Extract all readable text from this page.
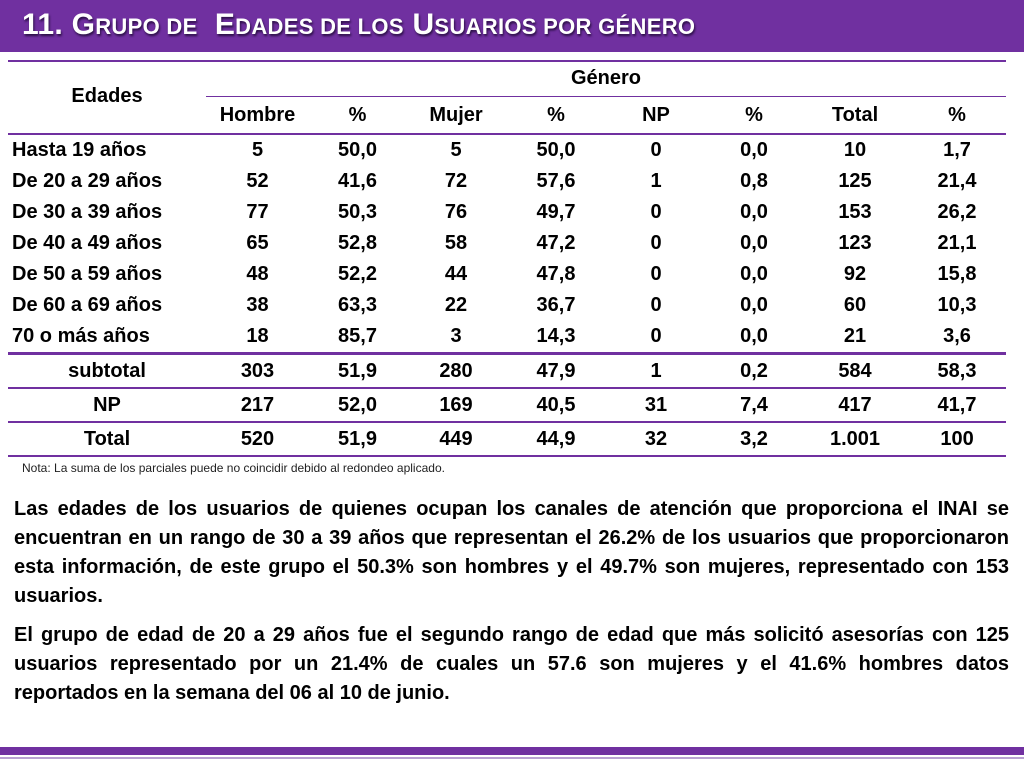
11. GRUPO DE EDADES DE LOS USUARIOS POR GÉNERO
Edades	Género							
	Hombre	%	Mujer	%	NP	%	Total	%
Hasta 19 años	5	50,0	5	50,0	0	0,0	10	1,7
De 20 a 29 años	52	41,6	72	57,6	1	0,8	125	21,4
De 30 a 39 años	77	50,3	76	49,7	0	0,0	153	26,2
De 40 a 49 años	65	52,8	58	47,2	0	0,0	123	21,1
De 50 a 59 años	48	52,2	44	47,8	0	0,0	92	15,8
De 60 a 69 años	38	63,3	22	36,7	0	0,0	60	10,3
70 o más años	18	85,7	3	14,3	0	0,0	21	3,6
subtotal	303	51,9	280	47,9	1	0,2	584	58,3
NP	217	52,0	169	40,5	31	7,4	417	41,7
Total	520	51,9	449	44,9	32	3,2	1.001	100
Nota: La suma de los parciales puede no coincidir debido al redondeo aplicado.

Las edades de los usuarios de quienes ocupan los canales de atención que proporciona el INAI se encuentran en un rango de 30 a 39 años que representan el 26.2% de los usuarios que proporcionaron esta información, de este grupo el 50.3% son hombres y el 49.7% son mujeres, representado con 153 usuarios.

El grupo de edad de 20 a 29 años fue el segundo rango de edad que más solicitó asesorías con 125 usuarios representado por un 21.4% de cuales un 57.6 son mujeres y el 41.6% hombres datos reportados en la semana del 06 al 10 de junio.
